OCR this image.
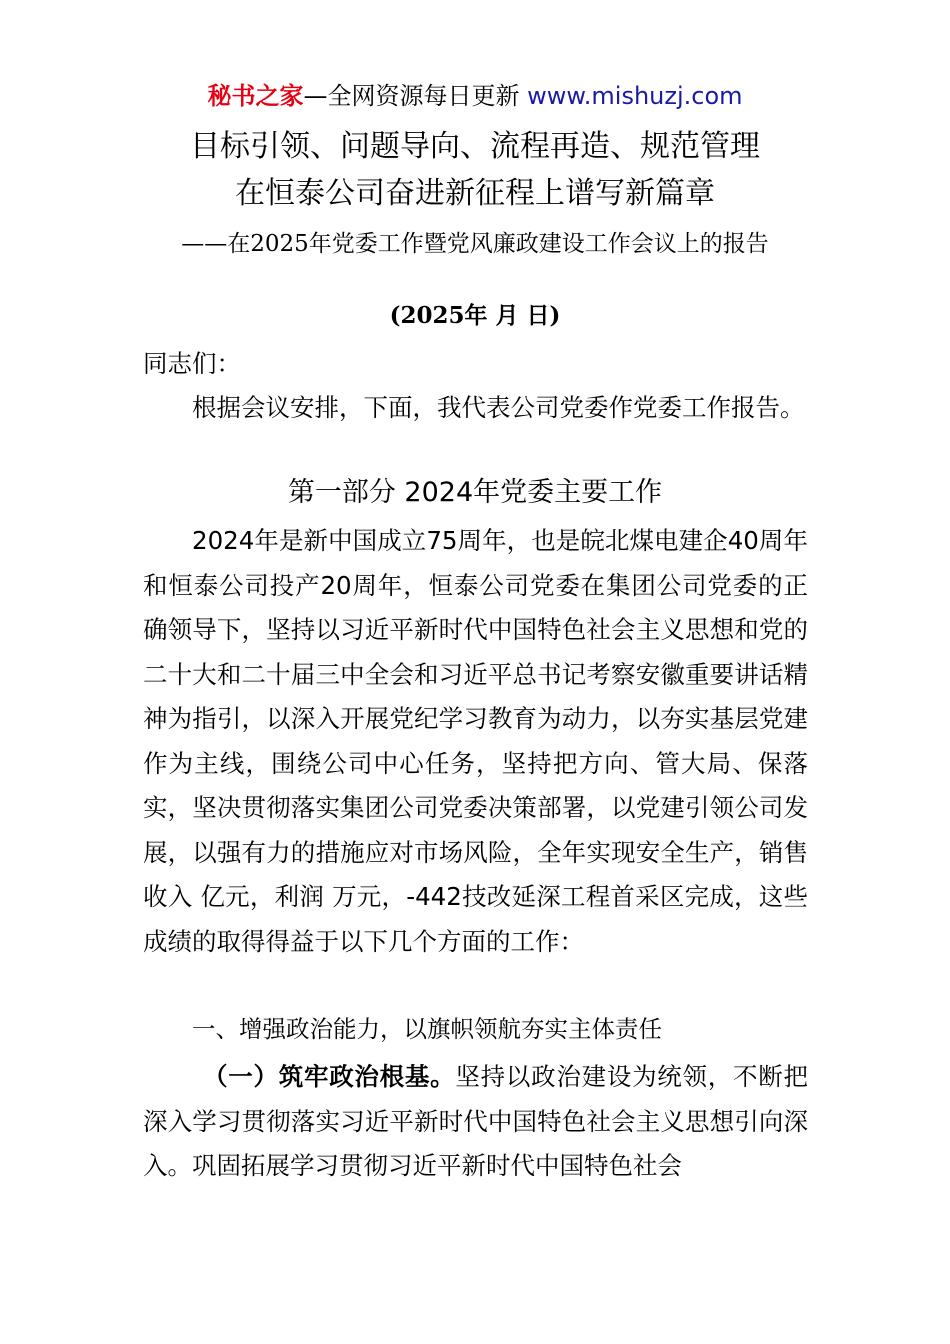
秘书之家—全网资源每日更新 www.mishuzj.com
目标引领、问题导向、流程再造、规范管理
在恒泰公司奋进新征程上谱写新篇章
——在2025年党委工作暨党风廉政建设工作会议上的报告
(2025年 月 日)
同志们：
根据会议安排，下面，我代表公司党委作党委工作报告。
第一部分 2024年党委主要工作
2024年是新中国成立75周年，也是皖北煤电建企40周年和恒泰公司投产20周年，恒泰公司党委在集团公司党委的正确领导下，坚持以习近平新时代中国特色社会主义思想和党的二十大和二十届三中全会和习近平总书记考察安徽重要讲话精神为指引，以深入开展党纪学习教育为动力，以夯实基层党建作为主线，围绕公司中心任务，坚持把方向、管大局、保落实，坚决贯彻落实集团公司党委决策部署，以党建引领公司发展，以强有力的措施应对市场风险，全年实现安全生产，销售收入 亿元，利润 万元，-442技改延深工程首采区完成，这些成绩的取得得益于以下几个方面的工作：
一、增强政治能力，以旗帜领航夯实主体责任
（一）筑牢政治根基。坚持以政治建设为统领，不断把深入学习贯彻落实习近平新时代中国特色社会主义思想引向深入。巩固拓展学习贯彻习近平新时代中国特色社会
